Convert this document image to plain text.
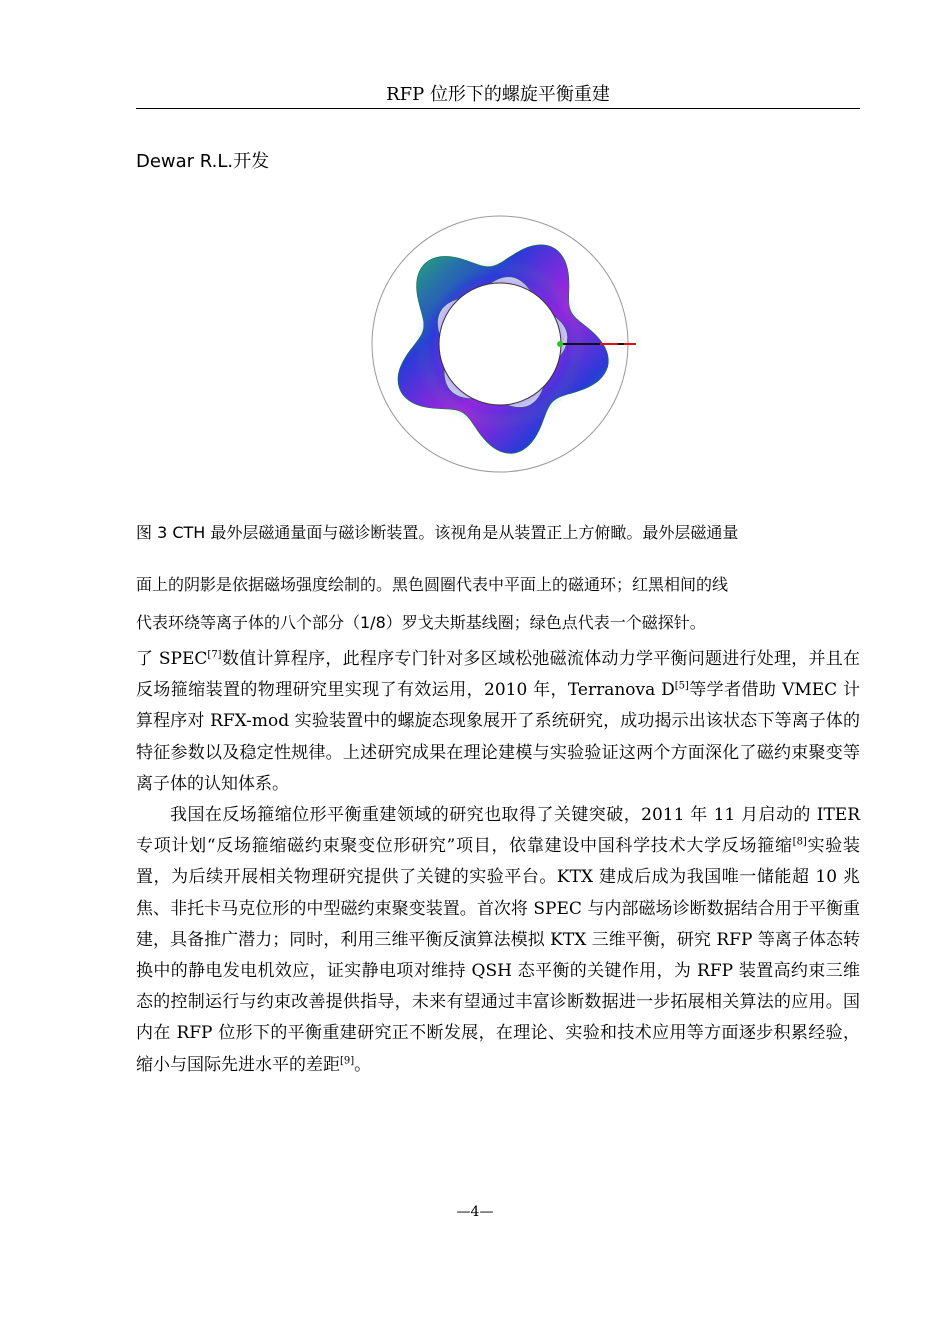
RFP 位形下的螺旋平衡重建
Dewar R.L.开发
图 3 CTH 最外层磁通量面与磁诊断装置。该视角是从装置正上方俯瞰。最外层磁通量
面上的阴影是依据磁场强度绘制的。黑色圆圈代表中平面上的磁通环；红黑相间的线
代表环绕等离子体的八个部分（1/8）罗戈夫斯基线圈；绿色点代表一个磁探针。

了 SPEC[7]数值计算程序，此程序专门针对多区域松弛磁流体动力学平衡问题进行处理，并且在反场箍缩装置的物理研究里实现了有效运用，2010 年，Terranova D[5]等学者借助 VMEC 计算程序对 RFX-mod 实验装置中的螺旋态现象展开了系统研究，成功揭示出该状态下等离子体的特征参数以及稳定性规律。上述研究成果在理论建模与实验验证这两个方面深化了磁约束聚变等离子体的认知体系。

我国在反场箍缩位形平衡重建领域的研究也取得了关键突破，2011 年 11 月启动的 ITER 专项计划“反场箍缩磁约束聚变位形研究”项目，依靠建设中国科学技术大学反场箍缩[8]实验装置，为后续开展相关物理研究提供了关键的实验平台。KTX 建成后成为我国唯一储能超 10 兆焦、非托卡马克位形的中型磁约束聚变装置。首次将 SPEC 与内部磁场诊断数据结合用于平衡重建，具备推广潜力；同时，利用三维平衡反演算法模拟 KTX 三维平衡，研究 RFP 等离子体态转换中的静电发电机效应，证实静电项对维持 QSH 态平衡的关键作用，为 RFP 装置高约束三维态的控制运行与约束改善提供指导，未来有望通过丰富诊断数据进一步拓展相关算法的应用。国内在 RFP 位形下的平衡重建研究正不断发展，在理论、实验和技术应用等方面逐步积累经验，缩小与国际先进水平的差距[9]。

—4—
